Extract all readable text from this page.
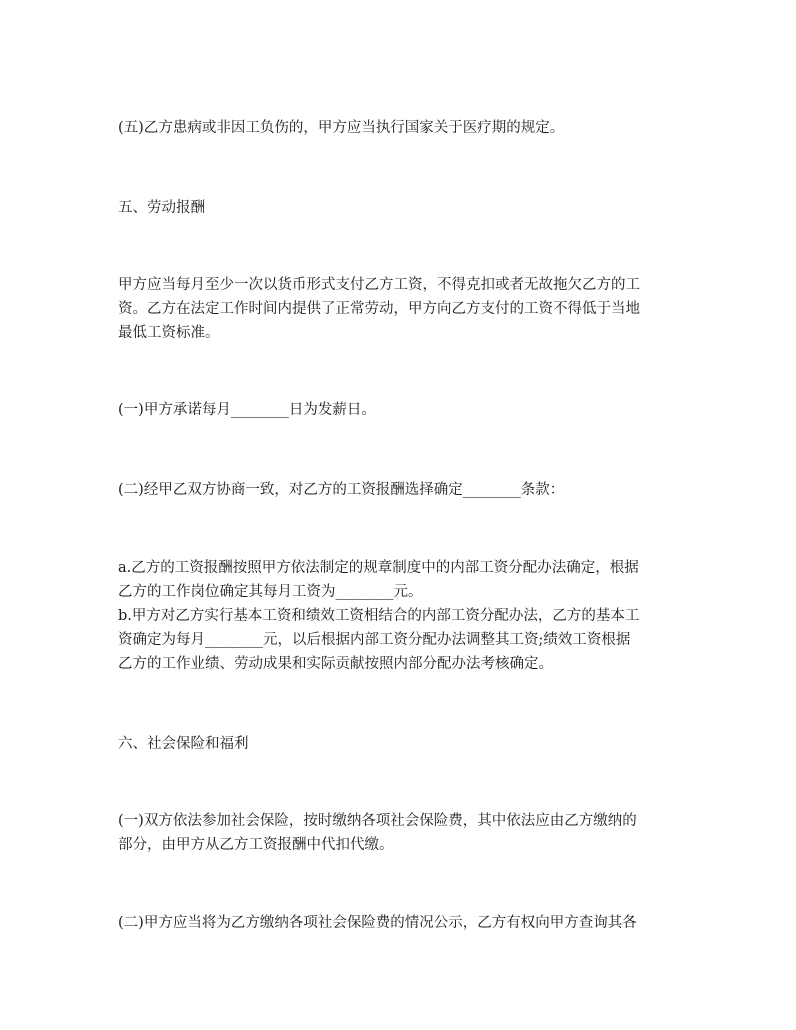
(五)乙方患病或非因工负伤的，甲方应当执行国家关于医疗期的规定。

五、劳动报酬

甲方应当每月至少一次以货币形式支付乙方工资，不得克扣或者无故拖欠乙方的工
资。乙方在法定工作时间内提供了正常劳动，甲方向乙方支付的工资不得低于当地
最低工资标准。

(一)甲方承诺每月________日为发薪日。

(二)经甲乙双方协商一致，对乙方的工资报酬选择确定________条款：

a.乙方的工资报酬按照甲方依法制定的规章制度中的内部工资分配办法确定，根据
乙方的工作岗位确定其每月工资为________元。
b.甲方对乙方实行基本工资和绩效工资相结合的内部工资分配办法，乙方的基本工
资确定为每月________元，以后根据内部工资分配办法调整其工资;绩效工资根据
乙方的工作业绩、劳动成果和实际贡献按照内部分配办法考核确定。

六、社会保险和福利

(一)双方依法参加社会保险，按时缴纳各项社会保险费，其中依法应由乙方缴纳的
部分，由甲方从乙方工资报酬中代扣代缴。

(二)甲方应当将为乙方缴纳各项社会保险费的情况公示，乙方有权向甲方查询其各
